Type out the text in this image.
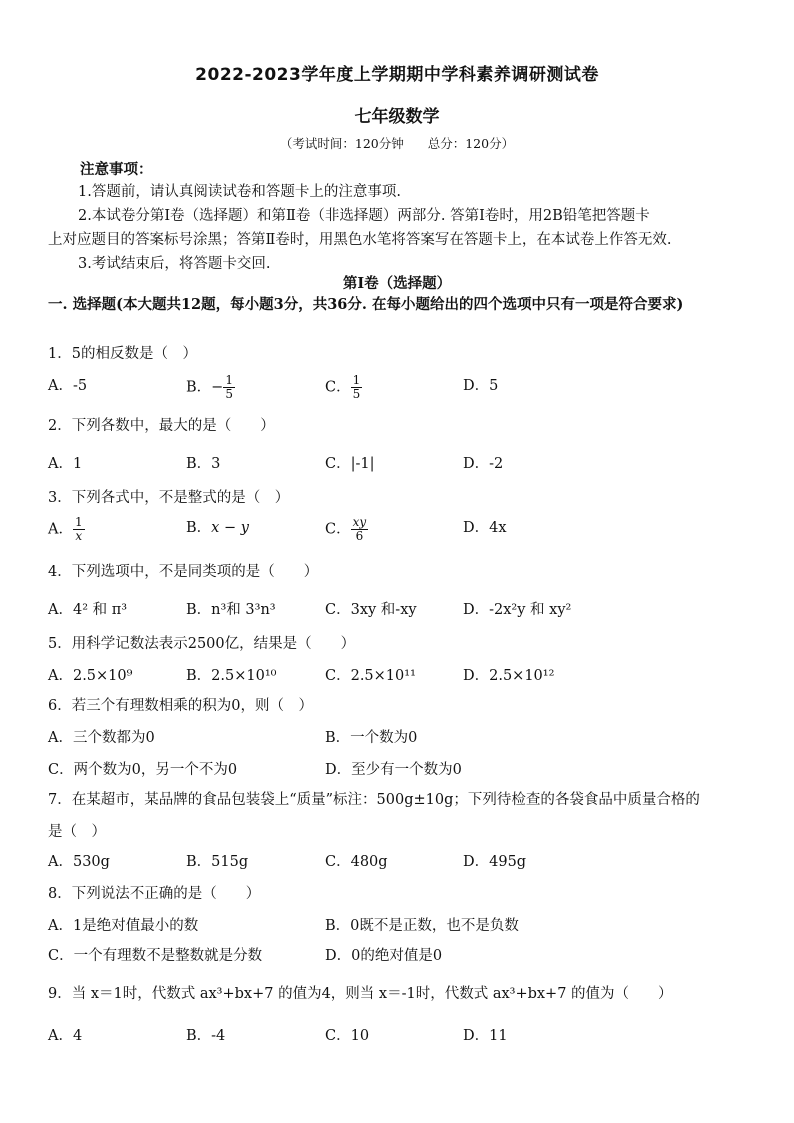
2022-2023学年度上学期期中学科素养调研测试卷
七年级数学
（考试时间：120分钟 总分：120分）
注意事项：
1.答题前，请认真阅读试卷和答题卡上的注意事项.
2.本试卷分第Ⅰ卷（选择题）和第Ⅱ卷（非选择题）两部分. 答第Ⅰ卷时，用2B铅笔把答题卡
上对应题目的答案标号涂黑；答第Ⅱ卷时，用黑色水笔将答案写在答题卡上，在本试卷上作答无效.
3.考试结束后，将答题卡交回.
第Ⅰ卷（选择题）
一. 选择题(本大题共12题，每小题3分，共36分. 在每小题给出的四个选项中只有一项是符合要求)
1．5的相反数是（　）
A．-5	B．− $\frac{1}{5}$	C． $\frac{1}{5}$	D．5
2．下列各数中，最大的是（　　）
A．1	B．3	C．|-1|	D．-2
3．下列各式中，不是整式的是（　）
A． $\frac{1}{x}$	B．x − y	C． $\frac{xy}{6}$	D．4x
4．下列选项中，不是同类项的是（　　）
A．4² 和 π³	B．n³和 3³n³	C．3xy 和-xy	D．-2x²y 和 xy²
5．用科学记数法表示2500亿，结果是（　　）
A．2.5×10⁹	B．2.5×10¹⁰	C．2.5×10¹¹	D．2.5×10¹²
6．若三个有理数相乘的积为0，则（　）
A．三个数都为0	B．一个数为0
C．两个数为0，另一个不为0	D．至少有一个数为0
7．在某超市，某品牌的食品包装袋上“质量”标注：500g±10g；下列待检查的各袋食品中质量合格的
是（　）
A．530g	B．515g	C．480g	D．495g
8．下列说法不正确的是（　　）
A．1是绝对值最小的数	B．0既不是正数，也不是负数
C．一个有理数不是整数就是分数	D．0的绝对值是0
9．当 x＝1时，代数式 ax³+bx+7 的值为4，则当 x＝-1时，代数式 ax³+bx+7 的值为（　　）
A．4	B．-4	C．10	D．11
